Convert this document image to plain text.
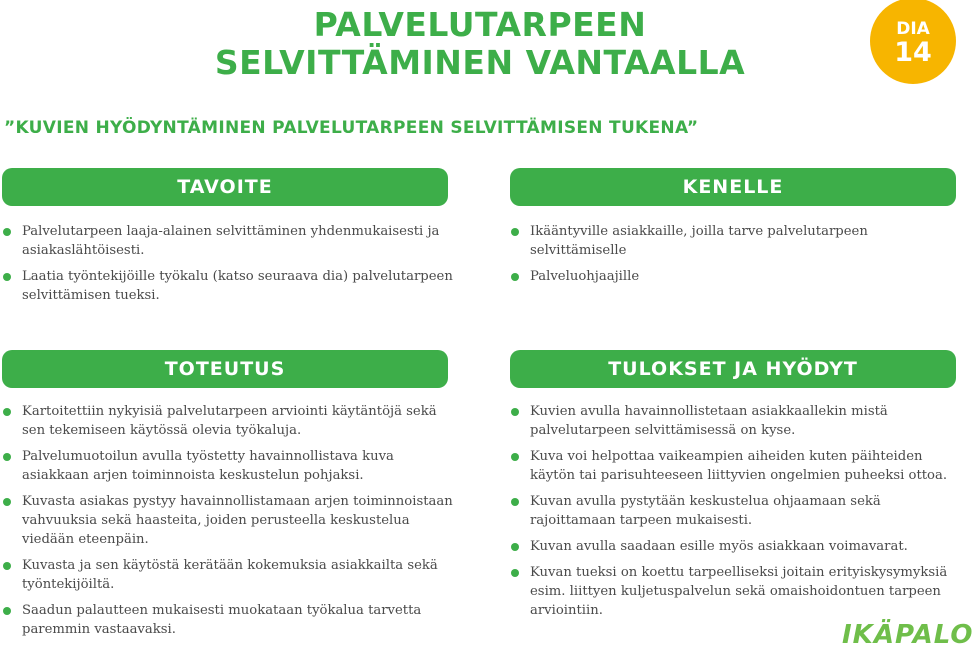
PALVELUTARPEEN
SELVITTÄMINEN VANTAALLA
DIA
14
”KUVIEN HYÖDYNTÄMINEN PALVELUTARPEEN SELVITTÄMISEN TUKENA”
TAVOITE
Palvelutarpeen laaja-alainen selvittäminen yhdenmukaisesti ja asiakaslähtöisesti.
Laatia työntekijöille työkalu (katso seuraava dia) palvelutarpeen selvittämisen tueksi.
KENELLE
Ikääntyville asiakkaille, joilla tarve palvelutarpeen selvittämiselle
Palveluohjaajille
TOTEUTUS
Kartoitettiin nykyisiä palvelutarpeen arviointi käytäntöjä sekä sen tekemiseen käytössä olevia työkaluja.
Palvelumuotoilun avulla työstetty havainnollistava kuva asiakkaan arjen toiminnoista keskustelun pohjaksi.
Kuvasta asiakas pystyy havainnollistamaan arjen toiminnoistaan vahvuuksia sekä haasteita, joiden perusteella keskustelua viedään eteenpäin.
Kuvasta ja sen käytöstä kerätään kokemuksia asiakkailta sekä työntekijöiltä.
Saadun palautteen mukaisesti muokataan työkalua tarvetta paremmin vastaavaksi.
TULOKSET JA HYÖDYT
Kuvien avulla havainnollistetaan asiakkaallekin mistä palvelutarpeen selvittämisessä on kyse.
Kuva voi helpottaa vaikeampien aiheiden kuten päihteiden käytön tai parisuhteeseen liittyvien ongelmien puheeksi ottoa.
Kuvan avulla pystytään keskustelua ohjaamaan sekä rajoittamaan tarpeen mukaisesti.
Kuvan avulla saadaan esille myös asiakkaan voimavarat.
Kuvan tueksi on koettu tarpeelliseksi joitain erityiskysymyksiä esim. liittyen kuljetuspalvelun sekä omaishoidontuen tarpeen arviointiin.
IKÄPALO
